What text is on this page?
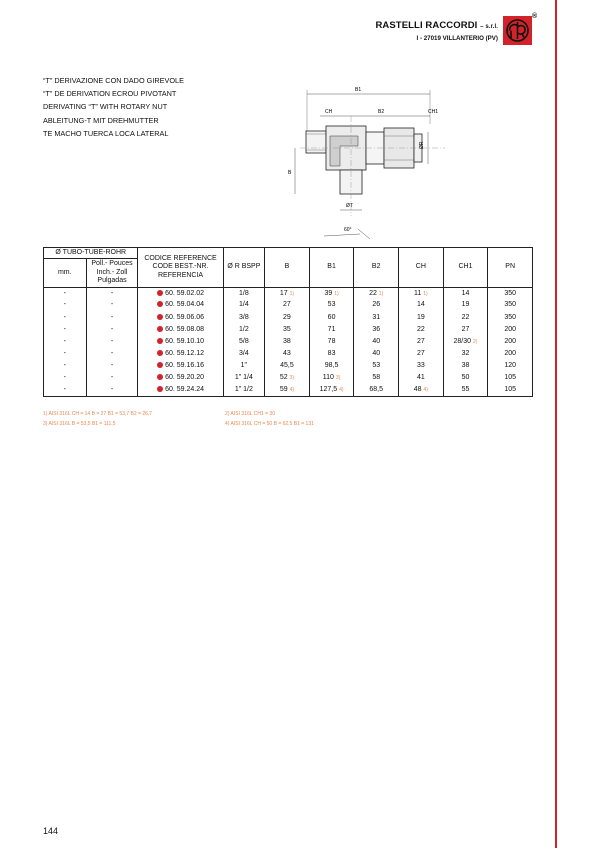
RASTELLI RACCORDI – s.r.l.
I - 27019 VILLANTERIO (PV)
®
“T” DERIVAZIONE CON DADO GIREVOLE
“T” DE DERIVATION ECROU PIVOTANT
DERIVATING “T” WITH ROTARY NUT
ABLEITUNG-T MIT DREHMUTTER
TE MACHO TUERCA LOCA LATERAL
B1
CH	B2	CH1
B
ØR
ØT
60°
Ø TUBO-TUBE-ROHR		CODICE REFERENCE CODE BEST.-NR. REFERENCIA	Ø R BSPP	B	B1	B2	CH	CH1	PN
mm.	Poll.- Pouces Inch.- Zoll Pulgadas								
-	-	60. 59.02.02	1/8	17 1)	39 1)	22 1)	11 1)	14	350
-	-	60. 59.04.04	1/4	27	53	26	14	19	350
-	-	60. 59.06.06	3/8	29	60	31	19	22	350
-	-	60. 59.08.08	1/2	35	71	36	22	27	200
-	-	60. 59.10.10	5/8	38	78	40	27	28/30 2)	200
-	-	60. 59.12.12	3/4	43	83	40	27	32	200
-	-	60. 59.16.16	1"	45,5	98,5	53	33	38	120
-	-	60. 59.20.20	1" 1/4	52 3)	110 3)	58	41	50	105
-	-	60. 59.24.24	1" 1/2	59 4)	127,5 4)	68,5	48 4)	55	105
1) AISI 316L CH = 14 B = 27 B1 = 53,7 B2 = 26,7	2) AISI 316L CH1 = 30
3) AISI 316L B = 53,5 B1 = 111,5	4) AISI 316L CH = 50 B = 62,5 B1 = 131
144
